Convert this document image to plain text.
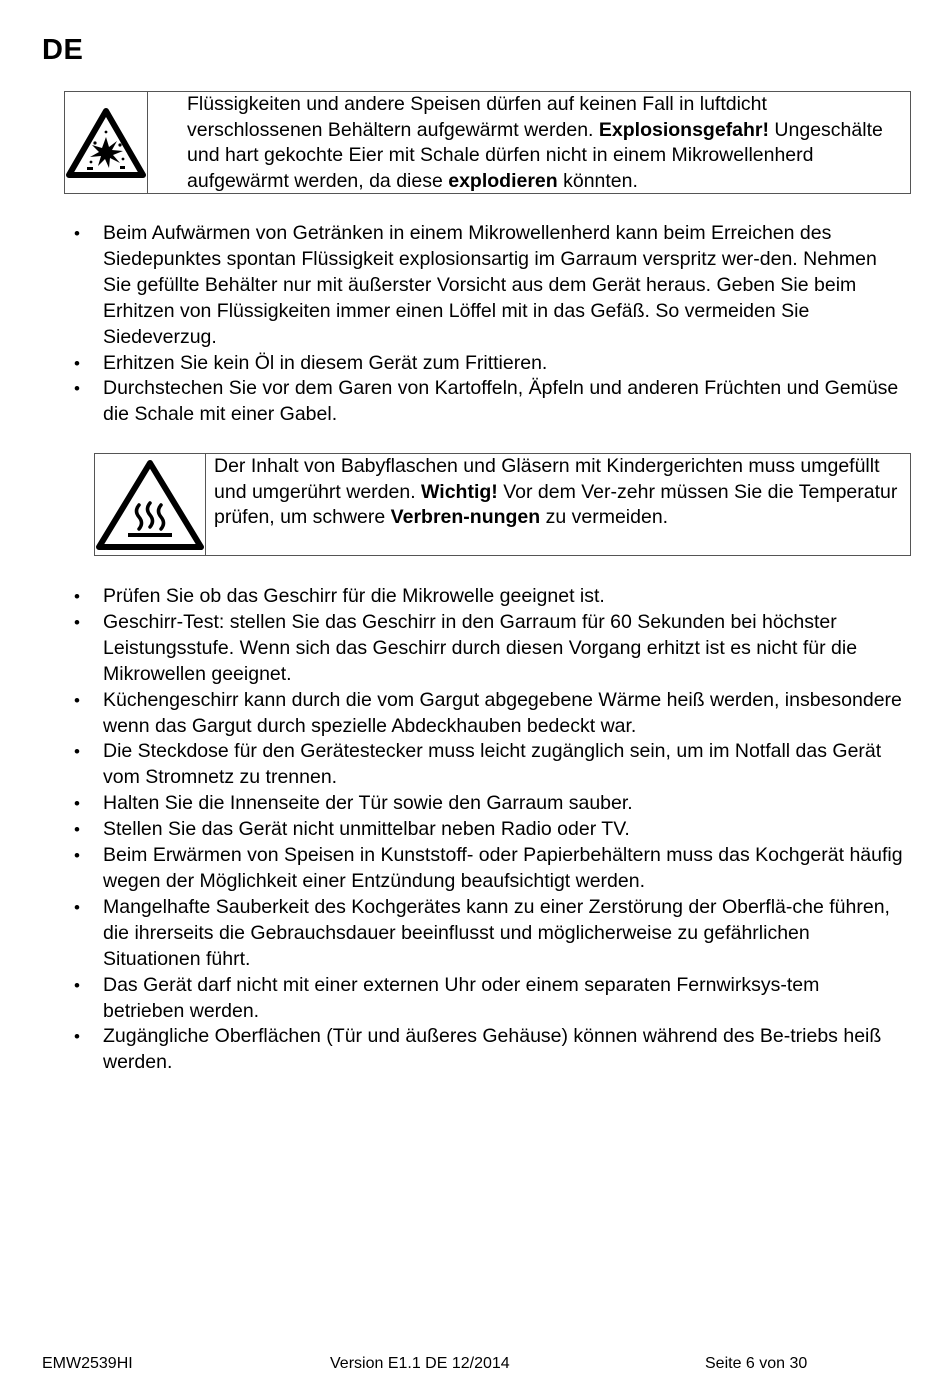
DE
Flüssigkeiten und andere Speisen dürfen auf keinen Fall in luftdicht verschlossenen Behältern aufgewärmt werden. Explosionsgefahr! Ungeschälte und hart gekochte Eier mit Schale dürfen nicht in einem Mikrowellenherd aufgewärmt werden, da diese explodieren könnten.
• Beim Aufwärmen von Getränken in einem Mikrowellenherd kann beim Erreichen des Siedepunktes spontan Flüssigkeit explosionsartig im Garraum verspritz wer-den. Nehmen Sie gefüllte Behälter nur mit äußerster Vorsicht aus dem Gerät heraus. Geben Sie beim Erhitzen von Flüssigkeiten immer einen Löffel mit in das Gefäß. So vermeiden Sie Siedeverzug.
• Erhitzen Sie kein Öl in diesem Gerät zum Frittieren.
• Durchstechen Sie vor dem Garen von Kartoffeln, Äpfeln und anderen Früchten und Gemüse die Schale mit einer Gabel.
Der Inhalt von Babyflaschen und Gläsern mit Kindergerichten muss umgefüllt und umgerührt werden. Wichtig! Vor dem Ver-zehr müssen Sie die Temperatur prüfen, um schwere Verbren-nungen zu vermeiden.
• Prüfen Sie ob das Geschirr für die Mikrowelle geeignet ist.
• Geschirr-Test: stellen Sie das Geschirr in den Garraum für 60 Sekunden bei höchster Leistungsstufe. Wenn sich das Geschirr durch diesen Vorgang erhitzt ist es nicht für die Mikrowellen geeignet.
• Küchengeschirr kann durch die vom Gargut abgegebene Wärme heiß werden, insbesondere wenn das Gargut durch spezielle Abdeckhauben bedeckt war.
• Die Steckdose für den Gerätestecker muss leicht zugänglich sein, um im Notfall das Gerät vom Stromnetz zu trennen.
• Halten Sie die Innenseite der Tür sowie den Garraum sauber.
• Stellen Sie das Gerät nicht unmittelbar neben Radio oder TV.
• Beim Erwärmen von Speisen in Kunststoff- oder Papierbehältern muss das Kochgerät häufig wegen der Möglichkeit einer Entzündung beaufsichtigt werden.
• Mangelhafte Sauberkeit des Kochgerätes kann zu einer Zerstörung der Oberflä-che führen, die ihrerseits die Gebrauchsdauer beeinflusst und möglicherweise zu gefährlichen Situationen führt.
• Das Gerät darf nicht mit einer externen Uhr oder einem separaten Fernwirksys-tem betrieben werden.
• Zugängliche Oberflächen (Tür und äußeres Gehäuse) können während des Be-triebs heiß werden.
EMW2539HI	Version E1.1 DE 12/2014	Seite 6 von 30
